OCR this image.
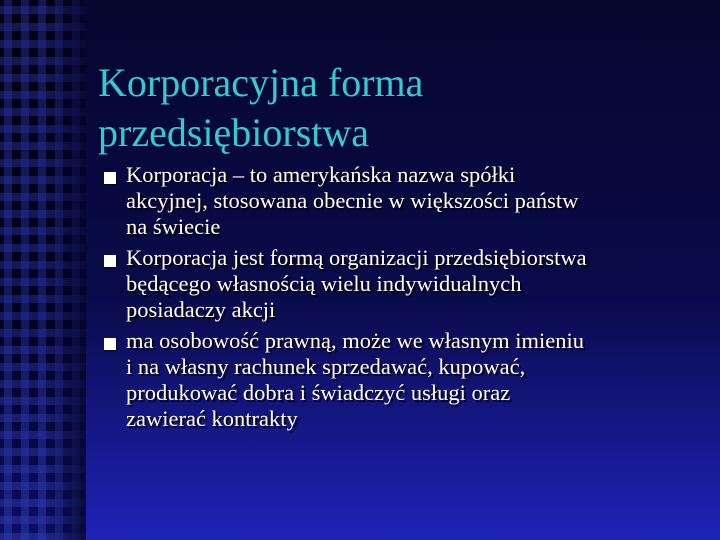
Korporacyjna forma
przedsiębiorstwa
Korporacja – to amerykańska nazwa spółki
akcyjnej, stosowana obecnie w większości państw
na świecie
Korporacja jest formą organizacji przedsiębiorstwa
będącego własnością wielu indywidualnych
posiadaczy akcji
ma osobowość prawną, może we własnym imieniu
i na własny rachunek sprzedawać, kupować,
produkować dobra i świadczyć usługi oraz
zawierać kontrakty
